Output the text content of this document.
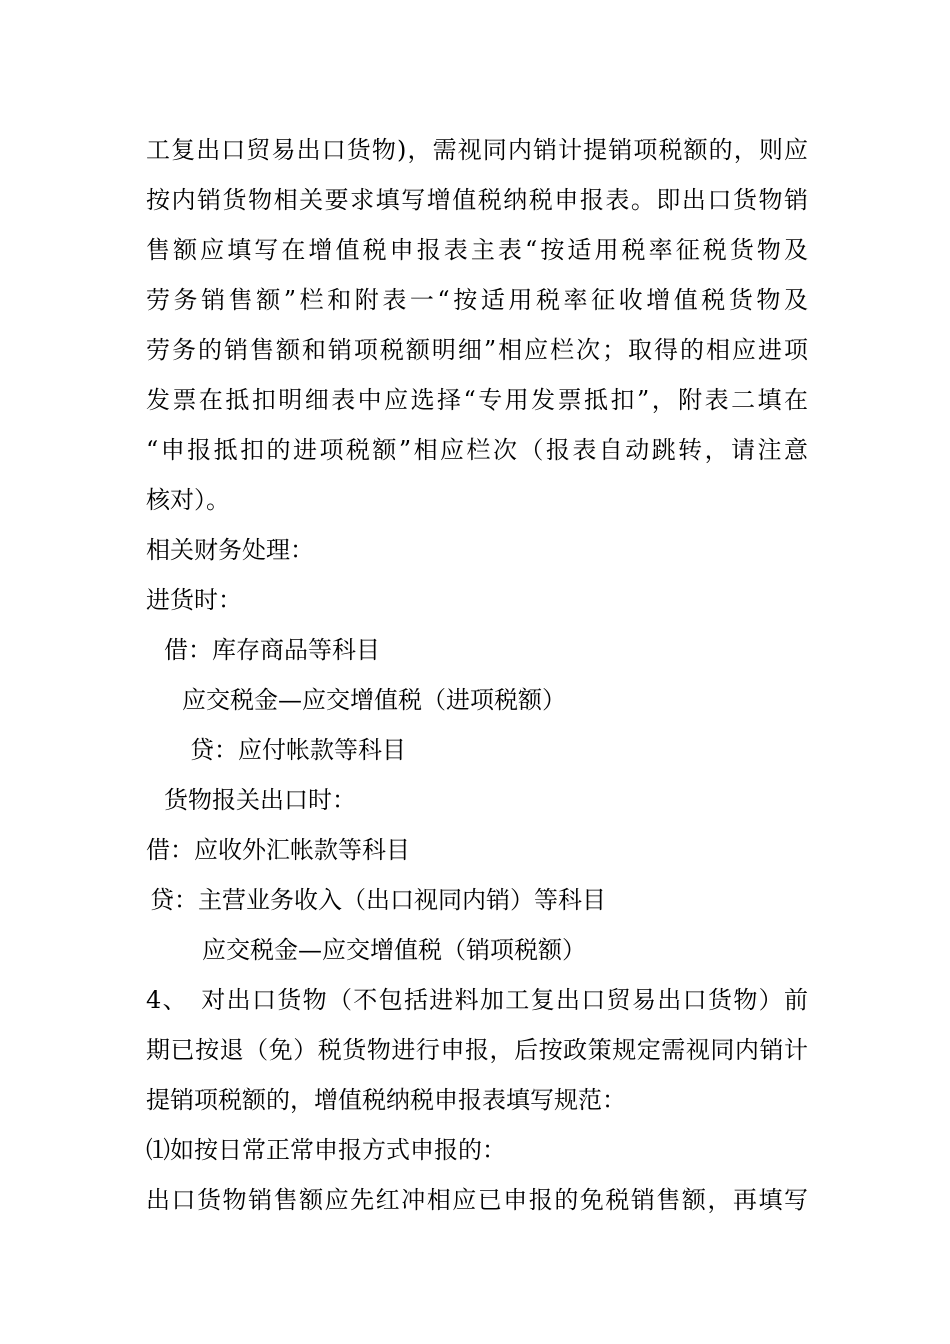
工复出口贸易出口货物)，需视同内销计提销项税额的，则应
按内销货物相关要求填写增值税纳税申报表。即出口货物销
售额应填写在增值税申报表主表“按适用税率征税货物及
劳务销售额”栏和附表一“按适用税率征收增值税货物及
劳务的销售额和销项税额明细”相应栏次；取得的相应进项
发票在抵扣明细表中应选择“专用发票抵扣”，附表二填在
“申报抵扣的进项税额”相应栏次（报表自动跳转，请注意
核对）。
相关财务处理：
进货时：
借：库存商品等科目
应交税金—应交增值税（进项税额）
贷：应付帐款等科目
货物报关出口时：
借：应收外汇帐款等科目
贷：主营业务收入（出口视同内销）等科目
应交税金—应交增值税（销项税额）
4、　对出口货物（不包括进料加工复出口贸易出口货物）前
期已按退（免）税货物进行申报，后按政策规定需视同内销计
提销项税额的，增值税纳税申报表填写规范：
⑴如按日常正常申报方式申报的：
出口货物销售额应先红冲相应已申报的免税销售额，再填写
